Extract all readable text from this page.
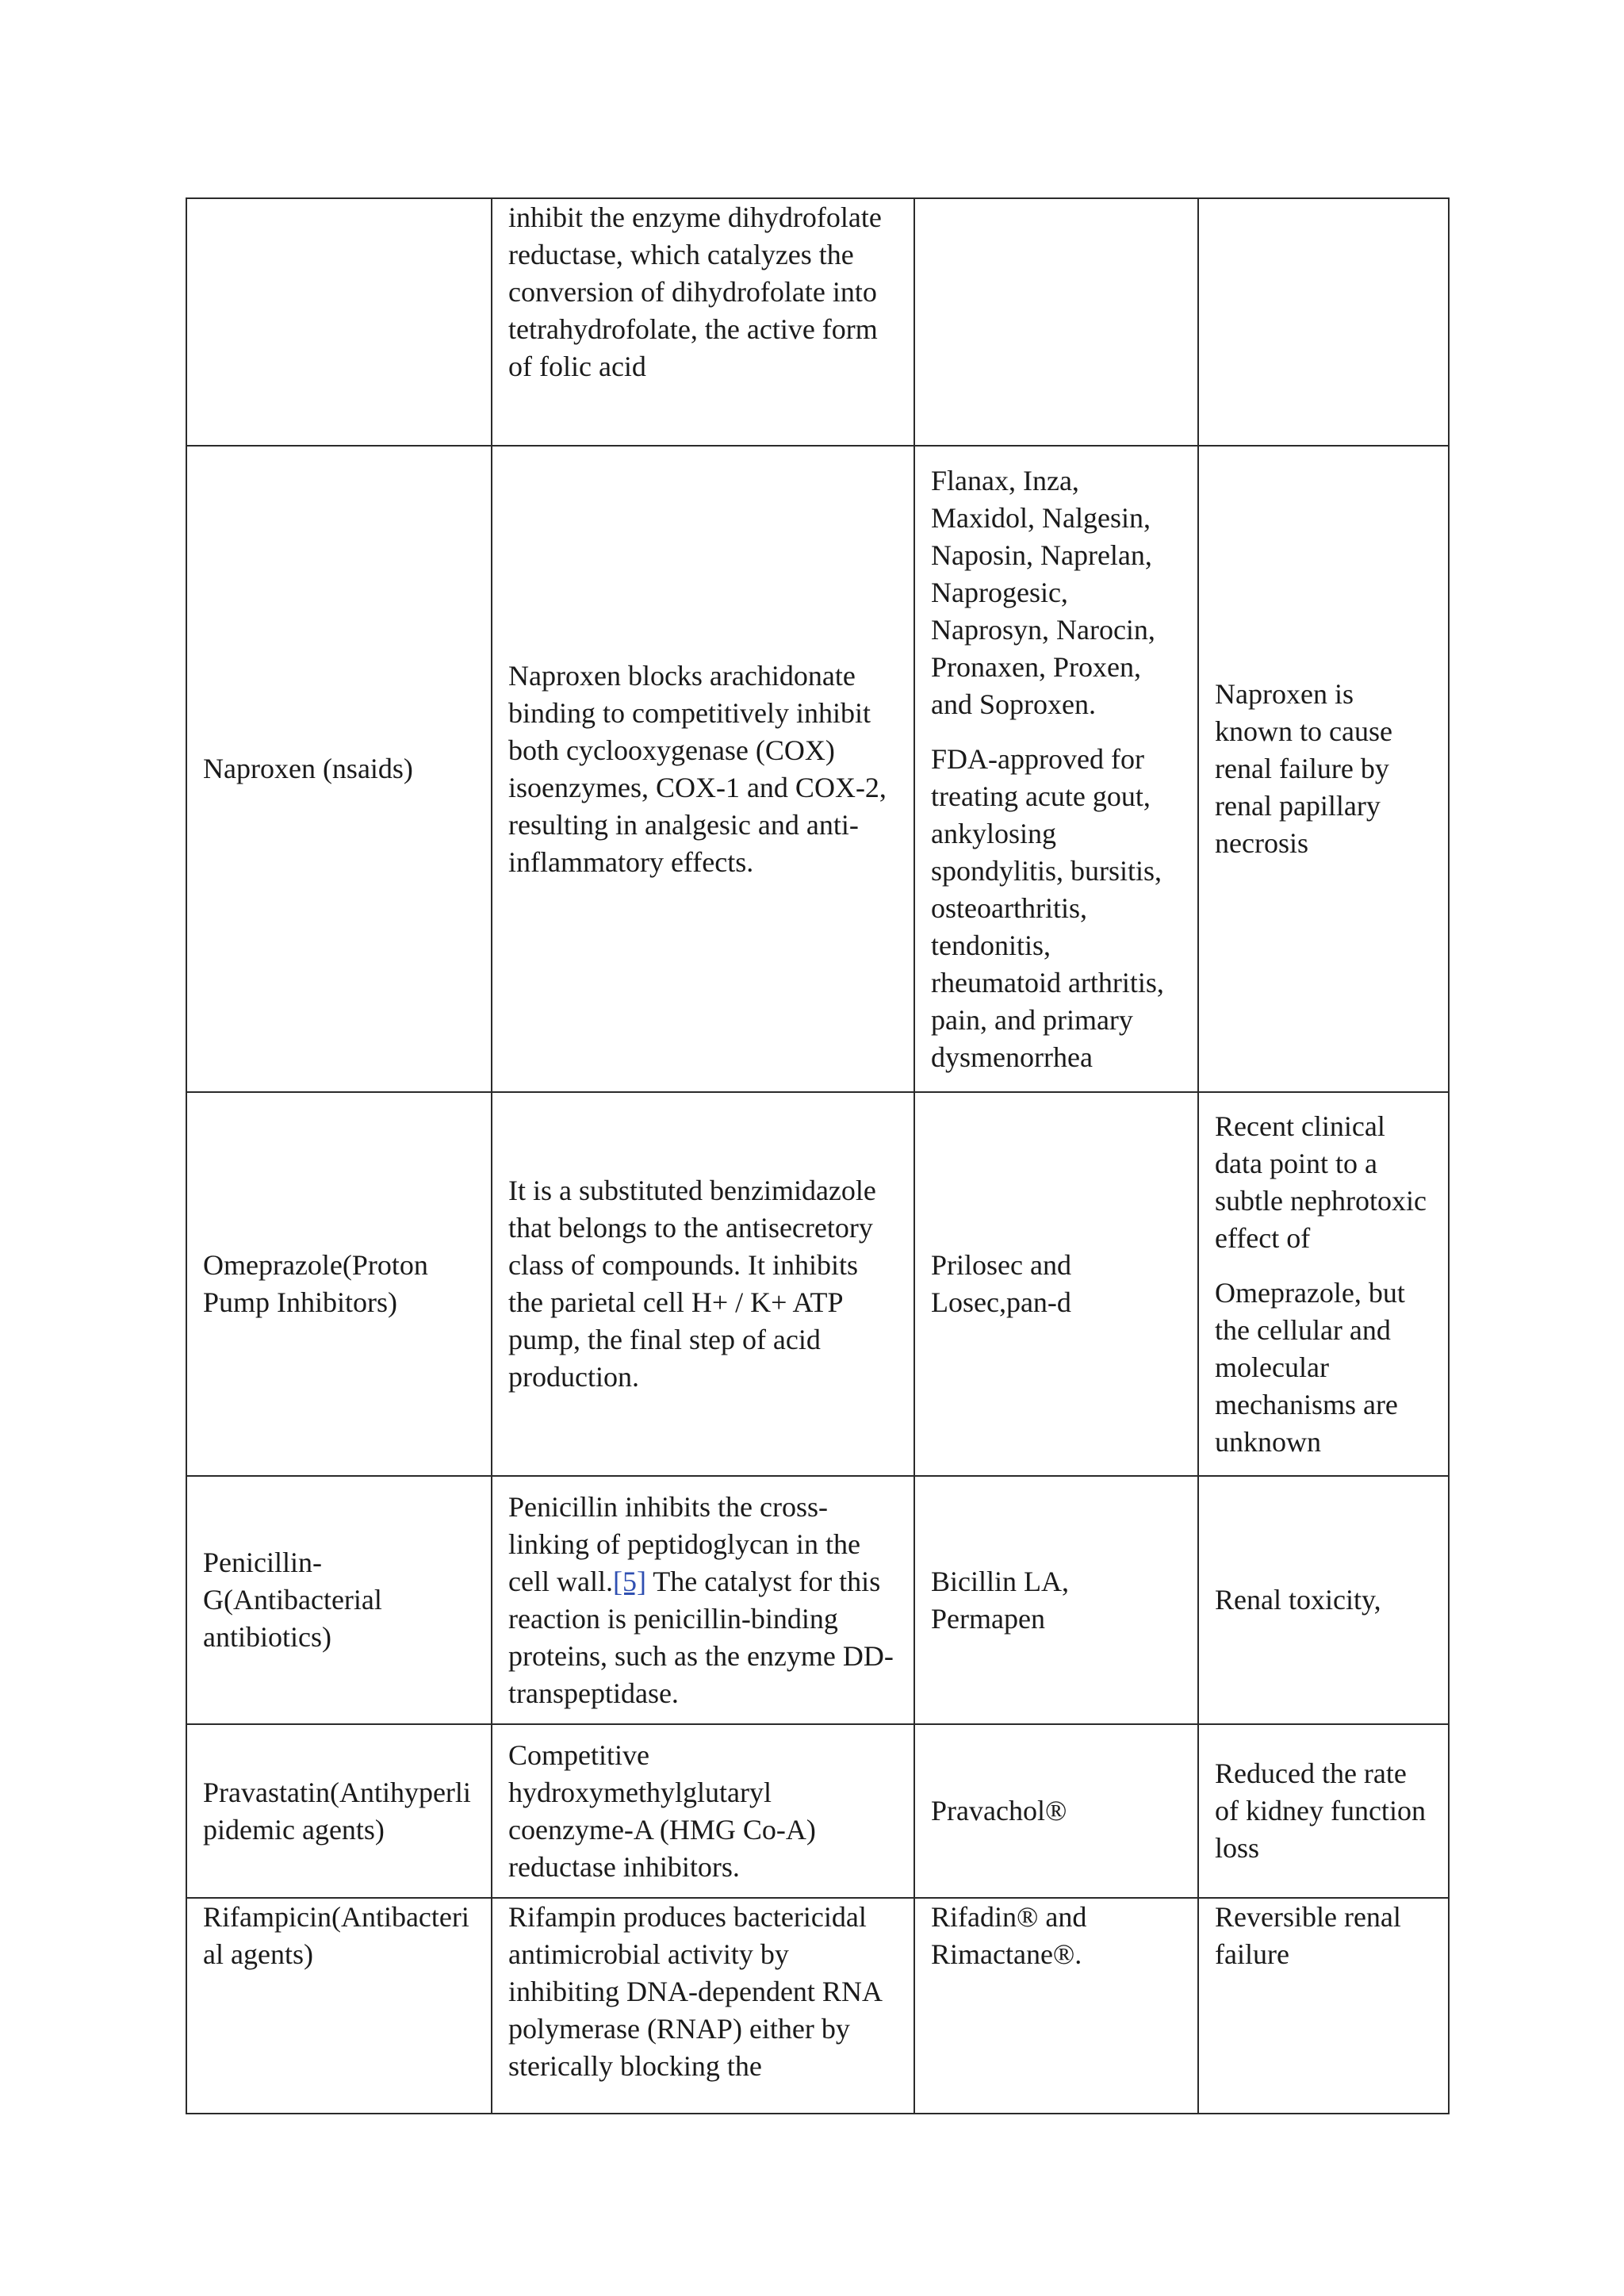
	inhibit the enzyme dihydrofolate reductase, which catalyzes the conversion of dihydrofolate into tetrahydrofolate, the active form of folic acid		
Naproxen (nsaids)	Naproxen blocks arachidonate binding to competitively inhibit both cyclooxygenase (COX) isoenzymes, COX-1 and COX-2, resulting in analgesic and anti-inflammatory effects.	Flanax, Inza, Maxidol, Nalgesin, Naposin, Naprelan, Naprogesic, Naprosyn, Narocin, Pronaxen, Proxen, and Soproxen.
FDA-approved for treating acute gout, ankylosing spondylitis, bursitis, osteoarthritis, tendonitis, rheumatoid arthritis, pain, and primary dysmenorrhea	Naproxen is known to cause renal failure by renal papillary necrosis
Omeprazole(Proton Pump Inhibitors)	It is a substituted benzimidazole that belongs to the antisecretory class of compounds. It inhibits the parietal cell H+ / K+ ATP pump, the final step of acid production.	Prilosec and Losec,pan-d	Recent clinical data point to a subtle nephrotoxic effect of
Omeprazole, but the cellular and molecular mechanisms are unknown

Penicillin-G(Antibacterial antibiotics)	Penicillin inhibits the cross-linking of peptidoglycan in the cell wall.[5] The catalyst for this reaction is penicillin-binding proteins, such as the enzyme DD-transpeptidase.	Bicillin LA, Permapen	Renal toxicity,
Pravastatin(Antihyperlipidemic agents)	Competitive hydroxymethylglutaryl coenzyme-A (HMG Co-A) reductase inhibitors.	Pravachol®	Reduced the rate of kidney function loss
Rifampicin(Antibacterial agents)	Rifampin produces bactericidal antimicrobial activity by inhibiting DNA-dependent RNA polymerase (RNAP) either by sterically blocking the	Rifadin® and Rimactane®.	Reversible renal failure
